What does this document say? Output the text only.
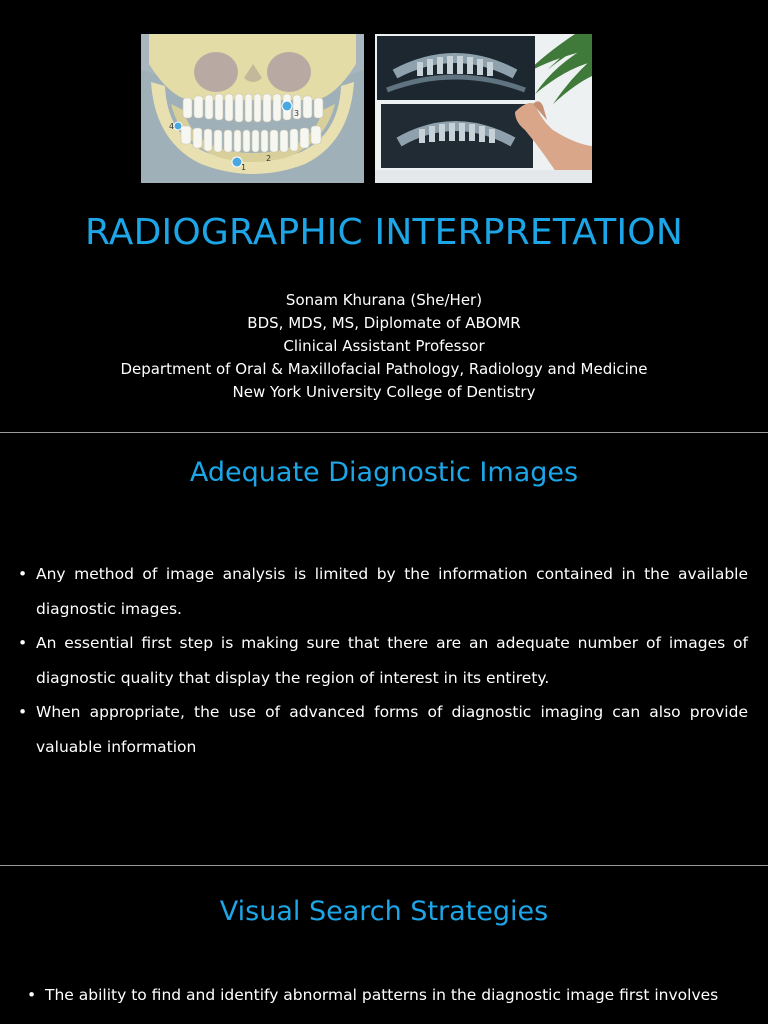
4
3
2
1
RADIOGRAPHIC INTERPRETATION
Sonam Khurana (She/Her)
BDS, MDS, MS, Diplomate of ABOMR
Clinical Assistant Professor
Department of Oral & Maxillofacial Pathology, Radiology and Medicine
New York University College of Dentistry
Adequate Diagnostic Images
• Any method of image analysis is limited by the information contained in the available diagnostic images.
• An essential first step is making sure that there are an adequate number of images of diagnostic quality that display the region of interest in its entirety.
• When appropriate, the use of advanced forms of diagnostic imaging can also provide valuable information
Visual Search Strategies
• The ability to find and identify abnormal patterns in the diagnostic image first involves
